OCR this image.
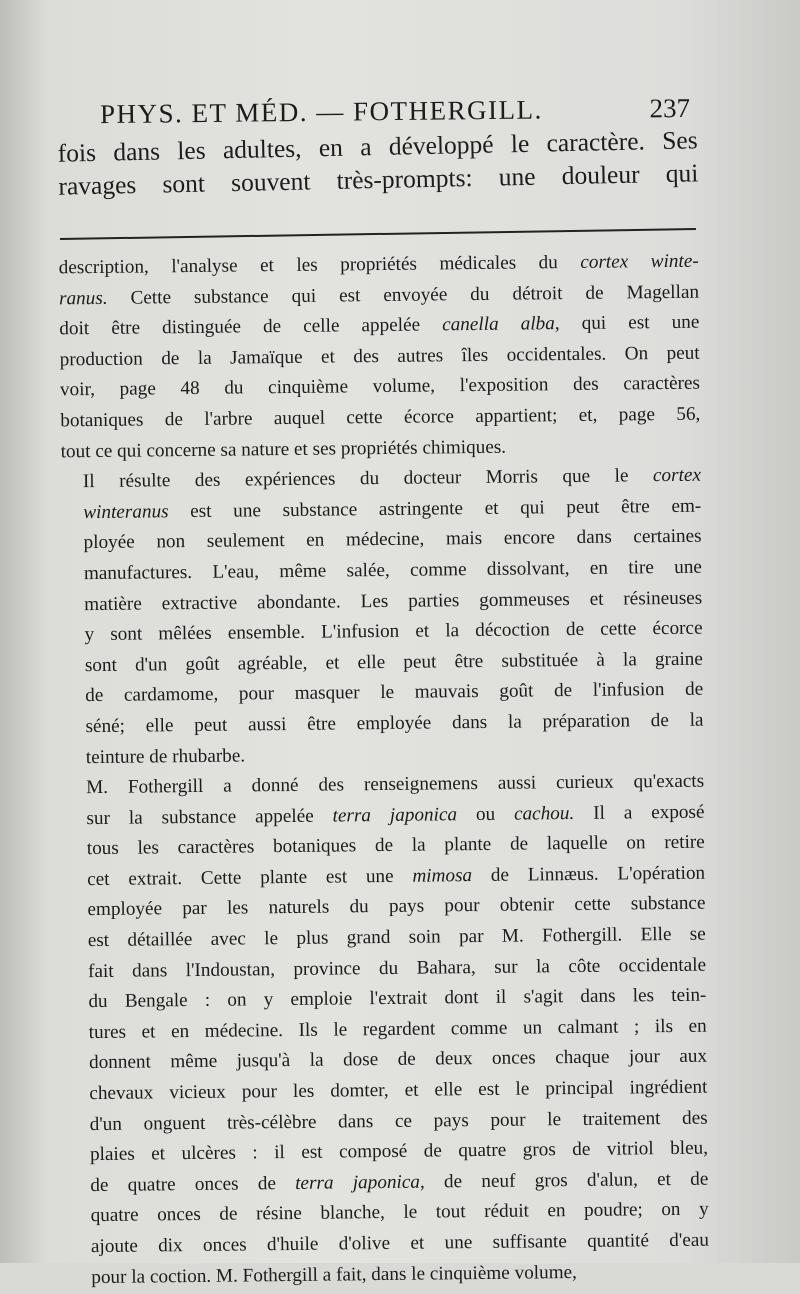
PHYS. ET MÉD. — FOTHERGILL.	237
fois dans les adultes, en a développé le caractère. Ses
ravages sont souvent très-prompts: une douleur qui

description, l'analyse et les propriétés médicales du cortex winte-
ranus. Cette substance qui est envoyée du détroit de Magellan
doit être distinguée de celle appelée canella alba, qui est une
production de la Jamaïque et des autres îles occidentales. On peut
voir, page 48 du cinquième volume, l'exposition des caractères
botaniques de l'arbre auquel cette écorce appartient; et, page 56,
tout ce qui concerne sa nature et ses propriétés chimiques.

Il résulte des expériences du docteur Morris que le cortex
winteranus est une substance astringente et qui peut être em-
ployée non seulement en médecine, mais encore dans certaines
manufactures. L'eau, même salée, comme dissolvant, en tire une
matière extractive abondante. Les parties gommeuses et résineuses
y sont mêlées ensemble. L'infusion et la décoction de cette écorce
sont d'un goût agréable, et elle peut être substituée à la graine
de cardamome, pour masquer le mauvais goût de l'infusion de
séné; elle peut aussi être employée dans la préparation de la
teinture de rhubarbe.

M. Fothergill a donné des renseignemens aussi curieux qu'exacts
sur la substance appelée terra japonica ou cachou. Il a exposé
tous les caractères botaniques de la plante de laquelle on retire
cet extrait. Cette plante est une mimosa de Linnæus. L'opération
employée par les naturels du pays pour obtenir cette substance
est détaillée avec le plus grand soin par M. Fothergill. Elle se
fait dans l'Indoustan, province du Bahara, sur la côte occidentale
du Bengale : on y emploie l'extrait dont il s'agit dans les tein-
tures et en médecine. Ils le regardent comme un calmant ; ils en
donnent même jusqu'à la dose de deux onces chaque jour aux
chevaux vicieux pour les domter, et elle est le principal ingrédient
d'un onguent très-célèbre dans ce pays pour le traitement des
plaies et ulcères : il est composé de quatre gros de vitriol bleu,
de quatre onces de terra japonica, de neuf gros d'alun, et de
quatre onces de résine blanche, le tout réduit en poudre; on y
ajoute dix onces d'huile d'olive et une suffisante quantité d'eau
pour la coction. M. Fothergill a fait, dans le cinquième volume,
